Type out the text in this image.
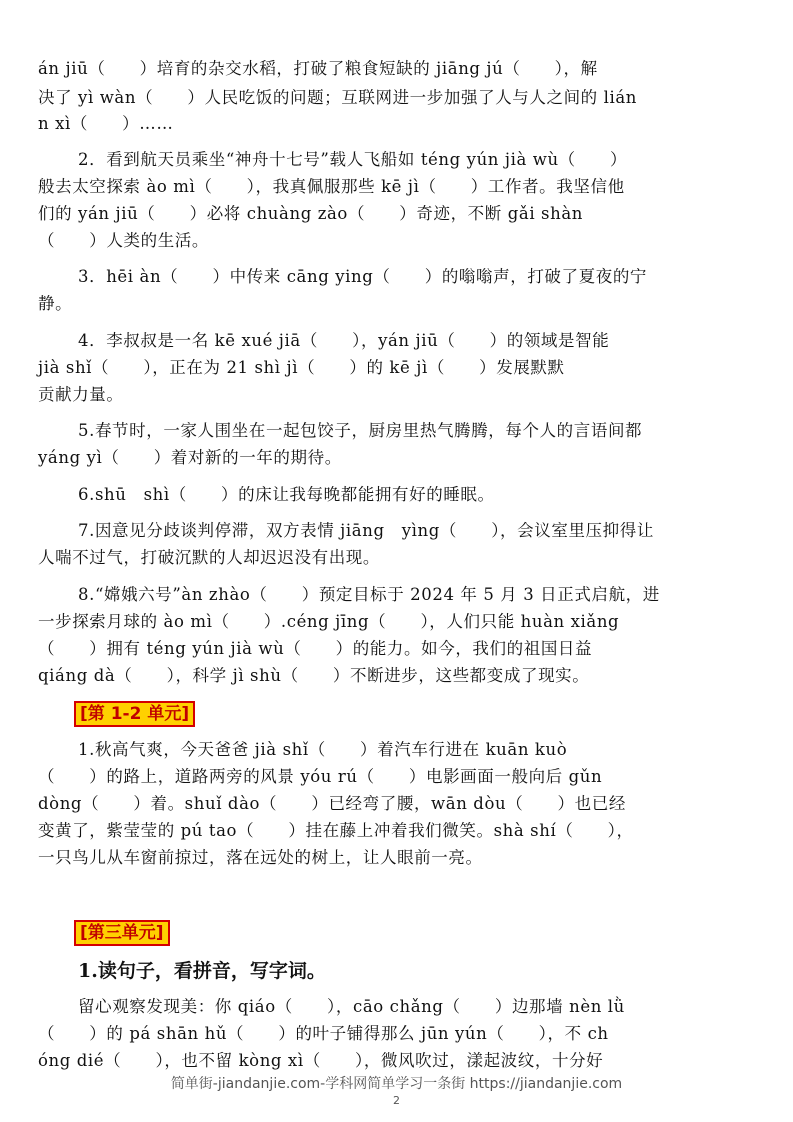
án jiū（　　）培育的杂交水稻，打破了粮食短缺的 jiāng jú（　　），解
决了 yì wàn（　　）人民吃饭的问题；互联网进一步加强了人与人之间的 lián
n xì（　　）……
2．看到航天员乘坐“神舟十七号”载人飞船如 téng yún jià wù（　　）
般去太空探索 ào mì（　　），我真佩服那些 kē jì（　　）工作者。我坚信他
们的 yán jiū（　　）必将 chuàng zào（　　）奇迹，不断 gǎi shàn
（　　）人类的生活。
3．hēi àn（　　）中传来 cāng ying（　　）的嗡嗡声，打破了夏夜的宁
静。
4．李叔叔是一名 kē xué jiā（　　），yán jiū（　　）的领域是智能
jià shǐ（　　），正在为 21 shì jì（　　）的 kē jì（　　）发展默默
贡献力量。
5.春节时，一家人围坐在一起包饺子，厨房里热气腾腾，每个人的言语间都
yáng yì（　　）着对新的一年的期待。
6.shū　shì（　　）的床让我每晚都能拥有好的睡眠。
7.因意见分歧谈判停滞，双方表情 jiāng　yìng（　　），会议室里压抑得让
人喘不过气，打破沉默的人却迟迟没有出现。
8.“嫦娥六号”àn zhào（　　）预定目标于 2024 年 5 月 3 日正式启航，进
一步探索月球的 ào mì（　　）.céng jīng（　　），人们只能 huàn xiǎng
（　　）拥有 téng yún jià wù（　　）的能力。如今，我们的祖国日益
qiáng dà（　　），科学 jì shù（　　）不断进步，这些都变成了现实。
[第 1-2 单元]
1.秋高气爽，今天爸爸 jià shǐ（　　）着汽车行进在 kuān kuò
（　　）的路上，道路两旁的风景 yóu rú（　　）电影画面一般向后 gǔn
dòng（　　）着。shuǐ dào（　　）已经弯了腰，wān dòu（　　）也已经
变黄了，紫莹莹的 pú tao（　　）挂在藤上冲着我们微笑。shà shí（　　），
一只鸟儿从车窗前掠过，落在远处的树上，让人眼前一亮。
[第三单元]
1.读句子，看拼音，写字词。
留心观察发现美：你 qiáo（　　），cāo chǎng（　　）边那墙 nèn lǜ
（　　）的 pá shān hǔ（　　）的叶子铺得那么 jūn yún（　　），不 ch
óng dié（　　），也不留 kòng xì（　　），微风吹过，漾起波纹，十分好
简单街-jiandanjie.com-学科网简单学习一条街 https://jiandanjie.com
2
